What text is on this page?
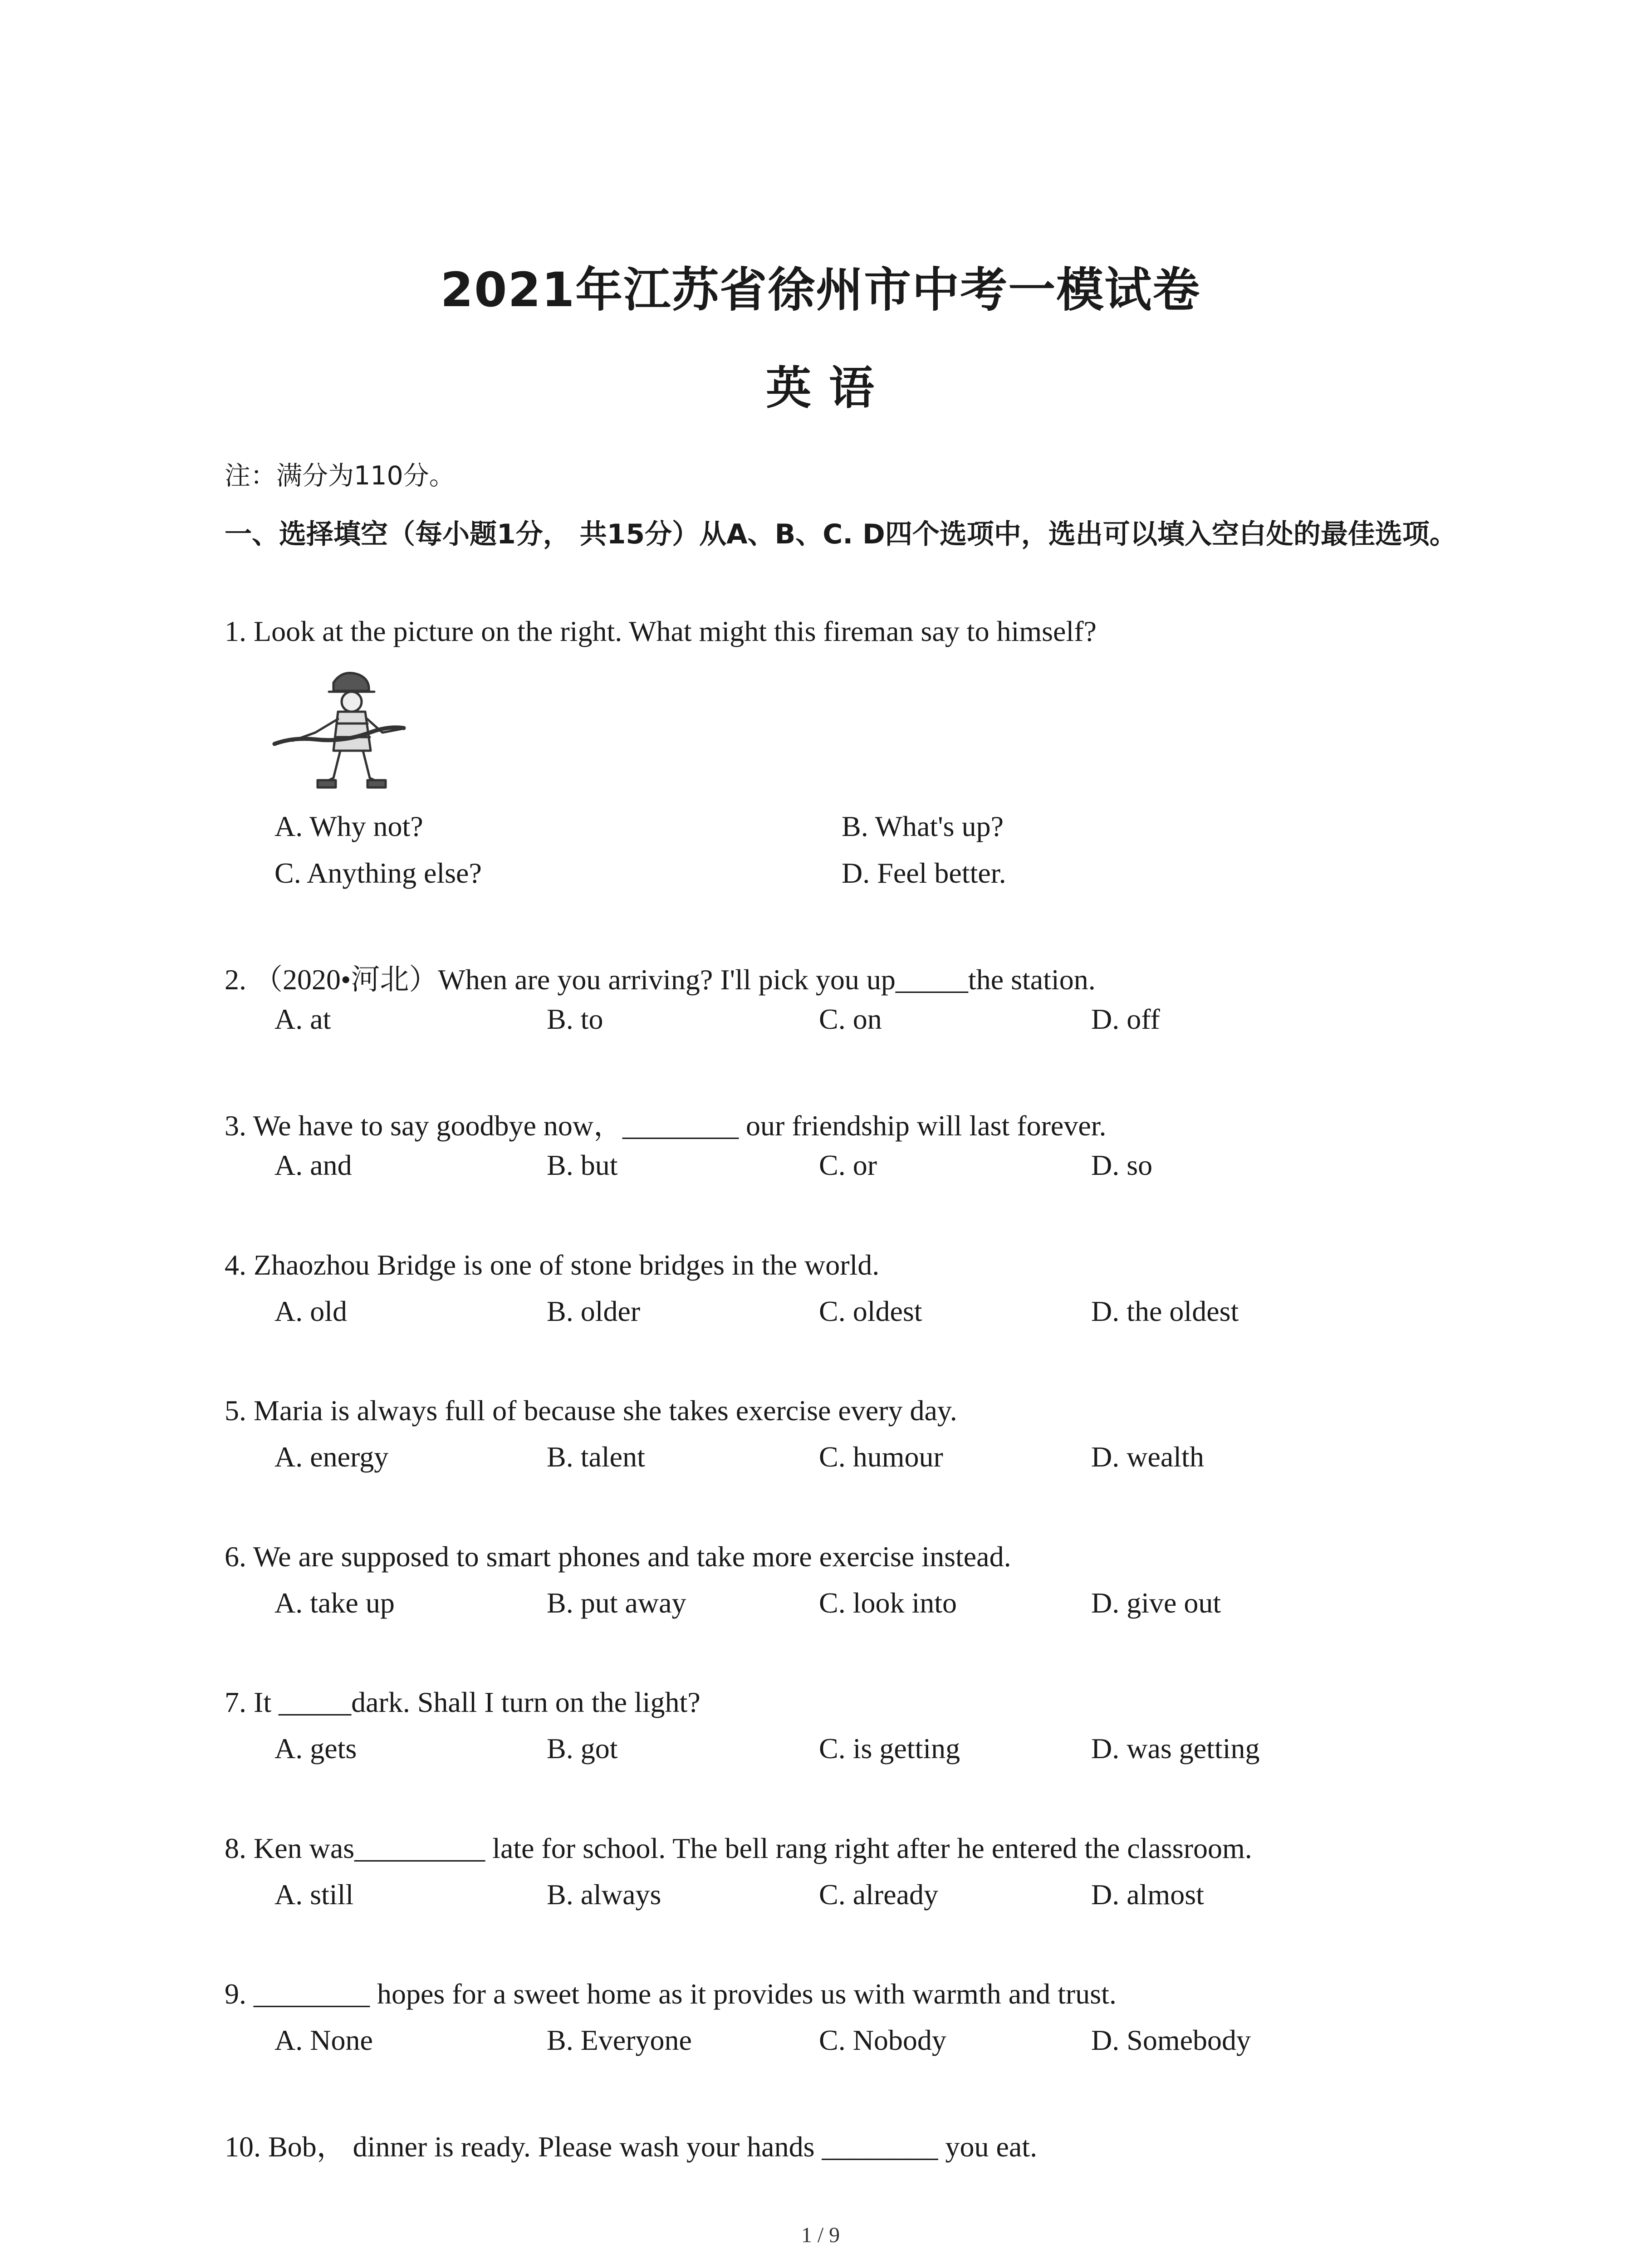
2021年江苏省徐州市中考一模试卷
英 语
注：满分为110分。
一、选择填空（每小题1分， 共15分）从A、B、C. D四个选项中，选出可以填入空白处的最佳选项。
1. Look at the picture on the right. What might this fireman say to himself?
A. Why not?	B. What's up?
C. Anything else?	D. Feel better.
2. （2020•河北）When are you arriving? I'll pick you up_____the station.
A. at	B. to	C. on	D. off
3. We have to say goodbye now，________ our friendship will last forever.
A. and	B. but	C. or	D. so
4. Zhaozhou Bridge is one of stone bridges in the world.
A. old	B. older	C. oldest	D. the oldest
5. Maria is always full of because she takes exercise every day.
A. energy	B. talent	C. humour	D. wealth
6. We are supposed to smart phones and take more exercise instead.
A. take up	B. put away	C. look into	D. give out
7. It _____dark. Shall I turn on the light?
A. gets	B. got	C. is getting	D. was getting
8. Ken was_________ late for school. The bell rang right after he entered the classroom.
A. still	B. always	C. already	D. almost
9. ________ hopes for a sweet home as it provides us with warmth and trust.
A. None	B. Everyone	C. Nobody	D. Somebody
10. Bob， dinner is ready. Please wash your hands ________ you eat.
1 / 9
